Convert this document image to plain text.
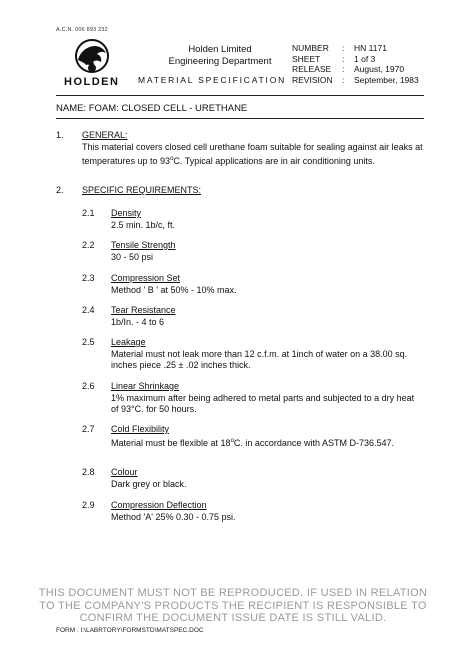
A.C.N. 006 893 232
HOLDEN
Holden Limited
Engineering Department
MATERIAL SPECIFICATION
NUMBER	:	HN 1171
SHEET	:	1 of 3
RELEASE	:	August, 1970
REVISION	:	September, 1983
NAME: FOAM: CLOSED CELL - URETHANE
1. GENERAL:
This material covers closed cell urethane foam suitable for sealing against air leaks at temperatures up to 93$^o$C. Typical applications are in air conditioning units.
2. SPECIFIC REQUIREMENTS:
2.1	Density
2.5 min. 1b/c, ft.
2.2	Tensile Strength
30 - 50 psi
2.3	Compression Set
Method ' B ' at 50% - 10% max.
2.4	Tear Resistance
1b/In. - 4 to 6
2.5	Leakage
Material must not leak more than 12 c.f.m. at 1inch of water on a 38.00 sq. inches piece .25 ± .02 inches thick.
2.6	Linear Shrinkage
1% maximum after being adhered to metal parts and subjected to a dry heat of 93°C. for 50 hours.
2.7	Cold Flexibility
Material must be flexible at 18$^o$C. in accordance with ASTM D-736.547.
2.8	Colour
Dark grey or black.
2.9	Compression Deflection
Method 'A' 25% 0.30 - 0.75 psi.
THIS DOCUMENT MUST NOT BE REPRODUCED. IF USED IN RELATION TO THE COMPANY'S PRODUCTS THE RECIPIENT IS RESPONSIBLE TO CONFIRM THE DOCUMENT ISSUE DATE IS STILL VALID.
FORM : I:\LABRTORY\FORMSTD\MATSPEC.DOC
